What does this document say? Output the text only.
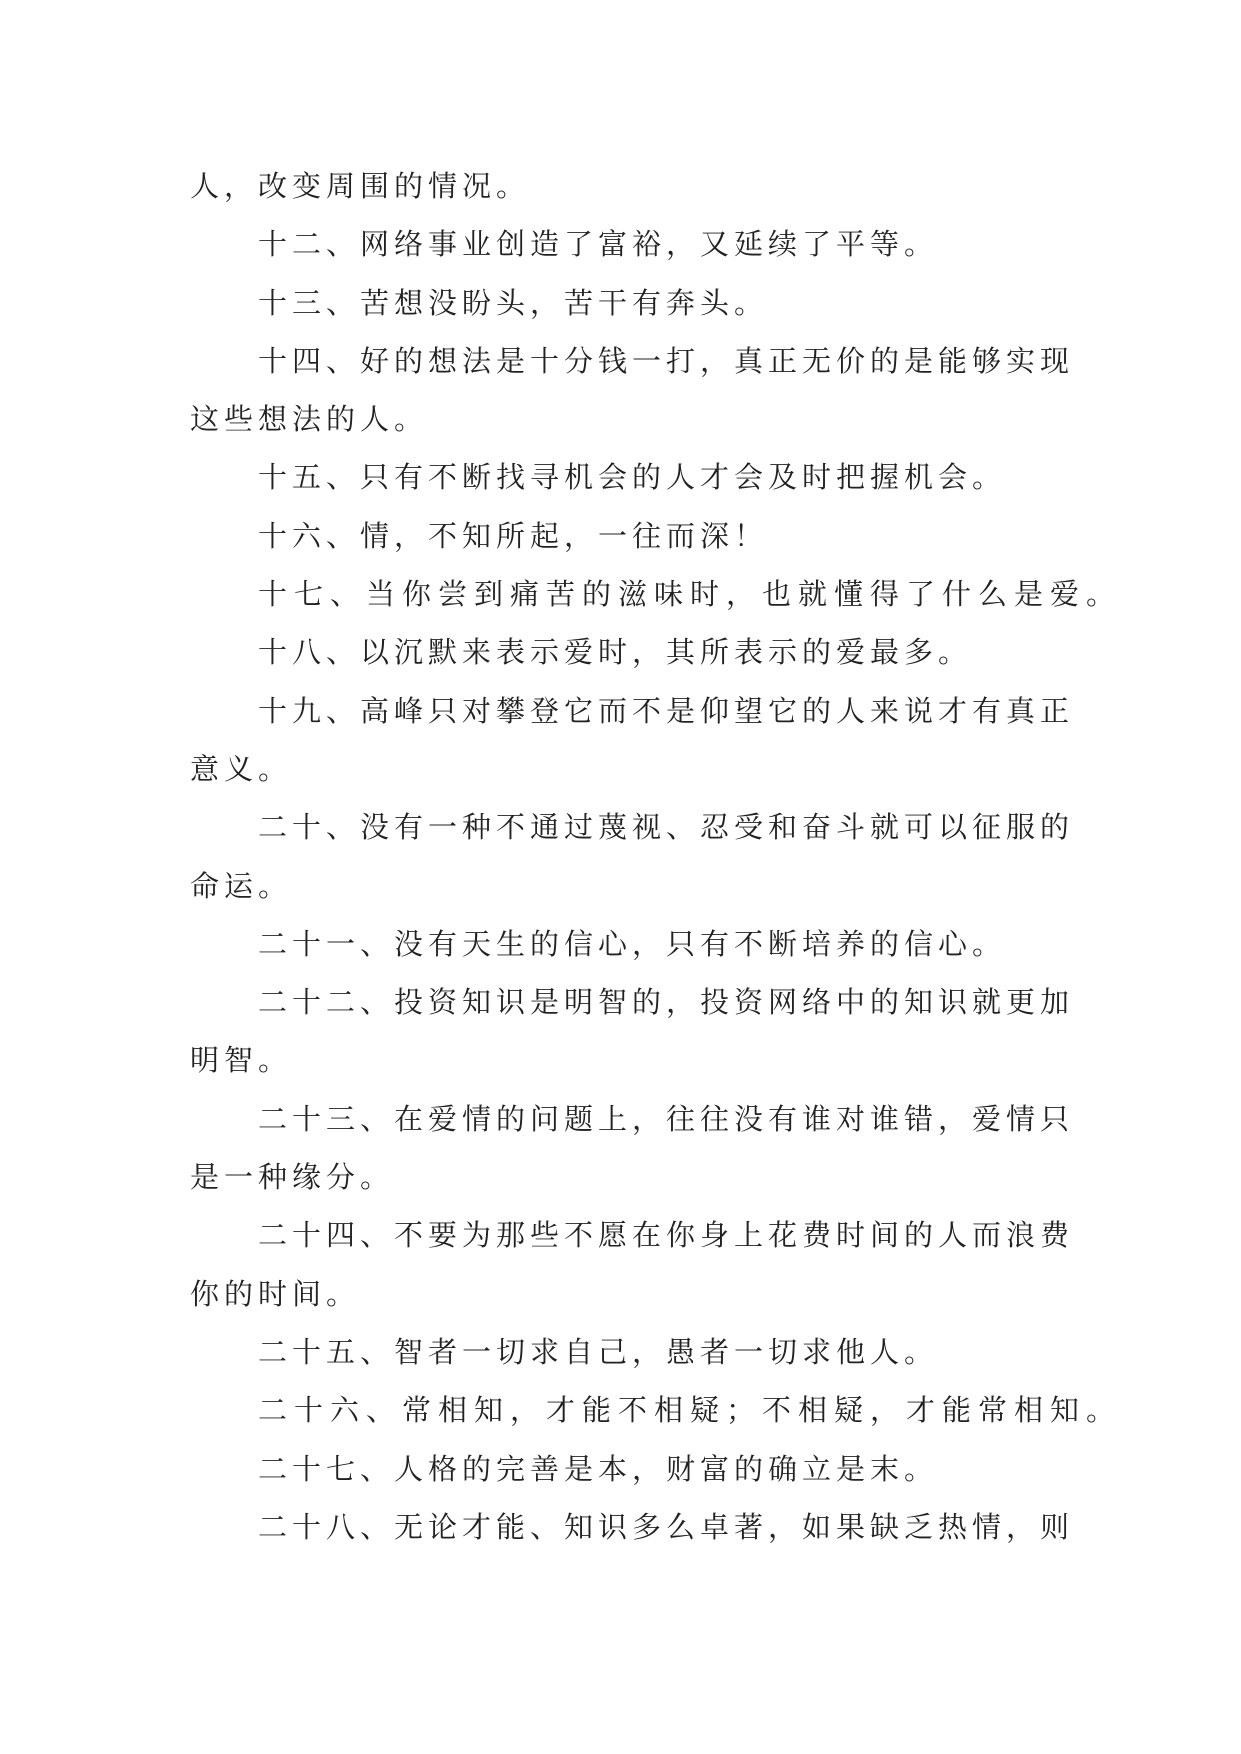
人，改变周围的情况。
十二、网络事业创造了富裕，又延续了平等。
十三、苦想没盼头，苦干有奔头。
十四、好的想法是十分钱一打，真正无价的是能够实现
这些想法的人。
十五、只有不断找寻机会的人才会及时把握机会。
十六、情，不知所起，一往而深！
十七、当你尝到痛苦的滋味时，也就懂得了什么是爱。
十八、以沉默来表示爱时，其所表示的爱最多。
十九、高峰只对攀登它而不是仰望它的人来说才有真正
意义。
二十、没有一种不通过蔑视、忍受和奋斗就可以征服的
命运。
二十一、没有天生的信心，只有不断培养的信心。
二十二、投资知识是明智的，投资网络中的知识就更加
明智。
二十三、在爱情的问题上，往往没有谁对谁错，爱情只
是一种缘分。
二十四、不要为那些不愿在你身上花费时间的人而浪费
你的时间。
二十五、智者一切求自己，愚者一切求他人。
二十六、常相知，才能不相疑；不相疑，才能常相知。
二十七、人格的完善是本，财富的确立是末。
二十八、无论才能、知识多么卓著，如果缺乏热情，则
